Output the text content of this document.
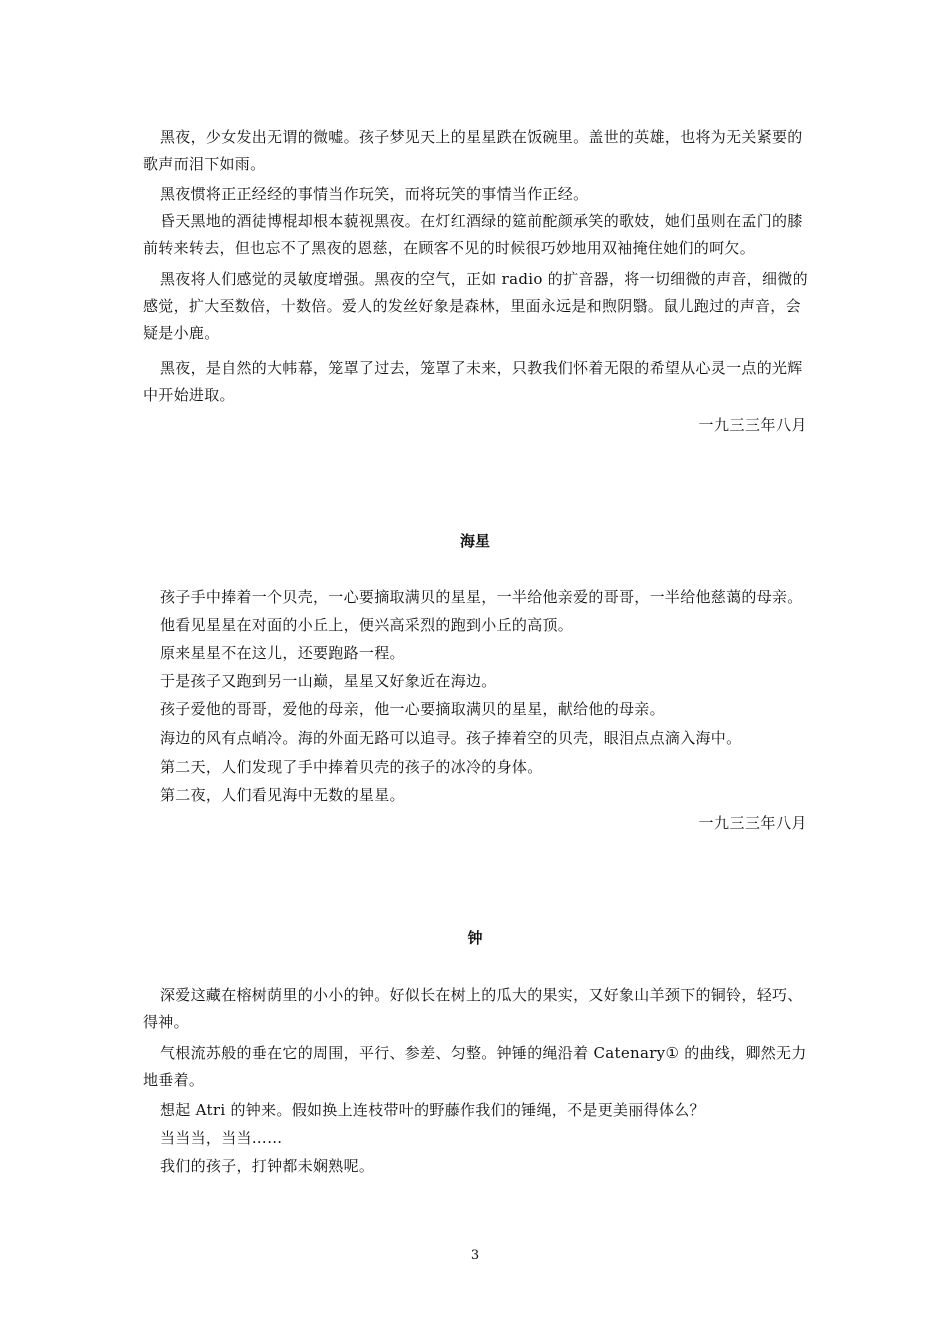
黑夜，少女发出无谓的微嘘。孩子梦见天上的星星跌在饭碗里。盖世的英雄，也将为无关紧要的歌声而泪下如雨。

黑夜惯将正正经经的事情当作玩笑，而将玩笑的事情当作正经。

昏天黑地的酒徒博棍却根本藐视黑夜。在灯红酒绿的筵前酡颜承笑的歌妓，她们虽则在孟门的膝前转来转去，但也忘不了黑夜的恩慈，在顾客不见的时候很巧妙地用双袖掩住她们的呵欠。

黑夜将人们感觉的灵敏度增强。黑夜的空气，正如 radio 的扩音器，将一切细微的声音，细微的感觉，扩大至数倍，十数倍。爱人的发丝好象是森林，里面永远是和煦阴翳。鼠儿跑过的声音，会疑是小鹿。

黑夜，是自然的大帏幕，笼罩了过去，笼罩了未来，只教我们怀着无限的希望从心灵一点的光辉中开始进取。

一九三三年八月

海星

孩子手中捧着一个贝壳，一心要摘取满贝的星星，一半给他亲爱的哥哥，一半给他慈蔼的母亲。

他看见星星在对面的小丘上，便兴高采烈的跑到小丘的高顶。

原来星星不在这儿，还要跑路一程。

于是孩子又跑到另一山巅，星星又好象近在海边。

孩子爱他的哥哥，爱他的母亲，他一心要摘取满贝的星星，献给他的母亲。

海边的风有点峭冷。海的外面无路可以追寻。孩子捧着空的贝壳，眼泪点点滴入海中。

第二天，人们发现了手中捧着贝壳的孩子的冰冷的身体。

第二夜，人们看见海中无数的星星。

一九三三年八月

钟

深爱这藏在榕树荫里的小小的钟。好似长在树上的瓜大的果实，又好象山羊颈下的铜铃，轻巧、得神。

气根流苏般的垂在它的周围，平行、参差、匀整。钟锤的绳沿着 Catenary① 的曲线，卿然无力地垂着。

想起 Atri 的钟来。假如换上连枝带叶的野藤作我们的锤绳，不是更美丽得体么？

当当当，当当……

我们的孩子，打钟都未娴熟呢。

3
